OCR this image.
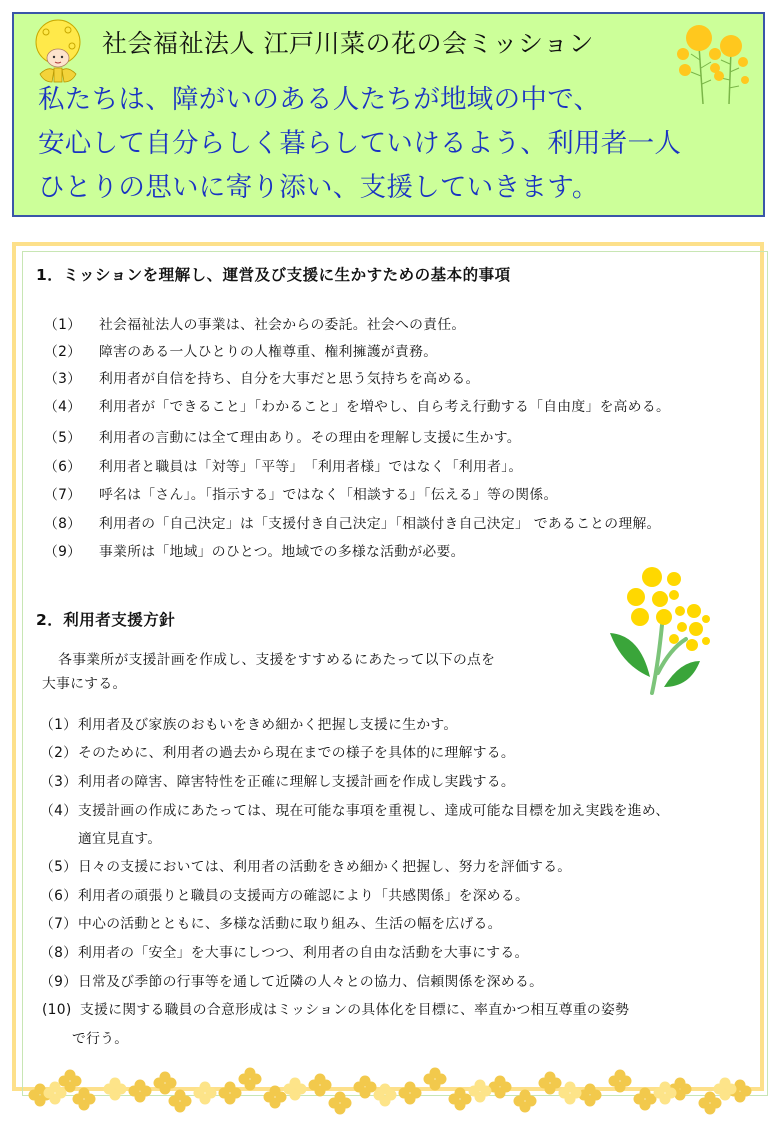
社会福祉法人 江戸川菜の花の会ミッション
私たちは、障がいのある人たちが地域の中で、
安心して自分らしく暮らしていけるよう、利用者一人
ひとりの思いに寄り添い、支援していきます。
1．ミッションを理解し、運営及び支援に生かすための基本的事項
（1） 社会福祉法人の事業は、社会からの委託。社会への責任。
（2） 障害のある一人ひとりの人権尊重、権利擁護が責務。
（3） 利用者が自信を持ち、自分を大事だと思う気持ちを高める。
（4） 利用者が「できること」「わかること」を増やし、自ら考え行動する「自由度」を高める。
（5） 利用者の言動には全て理由あり。その理由を理解し支援に生かす。
（6） 利用者と職員は「対等」「平等」　「利用者様」ではなく「利用者」。
（7） 呼名は「さん」。「指示する」ではなく「相談する」「伝える」等の関係。
（8） 利用者の「自己決定」は「支援付き自己決定」「相談付き自己決定」 であることの理解。
（9） 事業所は「地域」のひとつ。地域での多様な活動が必要。
2．利用者支援方針
　各事業所が支援計画を作成し、支援をすすめるにあたって以下の点を
大事にする。
（1）利用者及び家族のおもいをきめ細かく把握し支援に生かす。
（2）そのために、利用者の過去から現在までの様子を具体的に理解する。
（3）利用者の障害、障害特性を正確に理解し支援計画を作成し実践する。
（4）支援計画の作成にあたっては、現在可能な事項を重視し、達成可能な目標を加え実践を進め、
適宜見直す。
（5）日々の支援においては、利用者の活動をきめ細かく把握し、努力を評価する。
（6）利用者の頑張りと職員の支援両方の確認により「共感関係」を深める。
（7）中心の活動とともに、多様な活動に取り組み、生活の幅を広げる。
（8）利用者の「安全」を大事にしつつ、利用者の自由な活動を大事にする。
（9）日常及び季節の行事等を通して近隣の人々との協力、信頼関係を深める。
(10) 支援に関する職員の合意形成はミッションの具体化を目標に、率直かつ相互尊重の姿勢
で行う。
